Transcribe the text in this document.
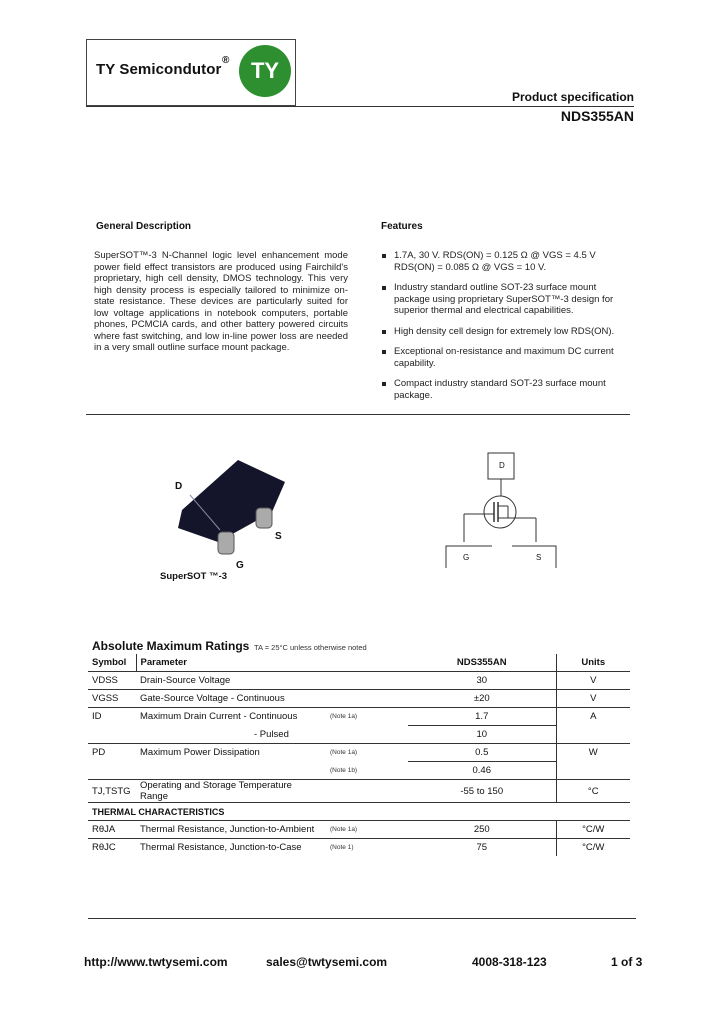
TY Semicondutor
® TY
Product specification
NDS355AN
General Description
SuperSOT™-3 N-Channel logic level enhancement mode power field effect transistors are produced using Fairchild's proprietary, high cell density, DMOS technology. This very high density process is especially tailored to minimize on-state resistance. These devices are particularly suited for low voltage applications in notebook computers, portable phones, PCMCIA cards, and other battery powered circuits where fast switching, and low in-line power loss are needed in a very small outline surface mount package.
Features
1.7A, 30 V. RDS(ON) = 0.125 Ω @ VGS = 4.5 V
RDS(ON) = 0.085 Ω @ VGS = 10 V.
Industry standard outline SOT-23 surface mount package using proprietary SuperSOT™-3 design for superior thermal and electrical capabilities.
High density cell design for extremely low RDS(ON).
Exceptional on-resistance and maximum DC current capability.
Compact industry standard SOT-23 surface mount package.
D
S
G
SuperSOT ™-3
D
G	S
Absolute Maximum Ratings TA = 25°C unless otherwise noted
Symbol	Parameter		NDS355AN	Units
VDSS	Drain-Source Voltage		30	V
VGSS	Gate-Source Voltage - Continuous		±20	V
ID	Maximum Drain Current - Continuous	(Note 1a)	1.7	A
	- Pulsed		10	
PD	Maximum Power Dissipation	(Note 1a)	0.5	W
		(Note 1b)	0.46	
TJ,TSTG	Operating and Storage Temperature Range		-55 to 150	°C
THERMAL CHARACTERISTICS				
RθJA	Thermal Resistance, Junction-to-Ambient	(Note 1a)	250	°C/W
RθJC	Thermal Resistance, Junction-to-Case	(Note 1)	75	°C/W
http://www.twtysemi.com	sales@twtysemi.com	4008-318-123	1 of 3
